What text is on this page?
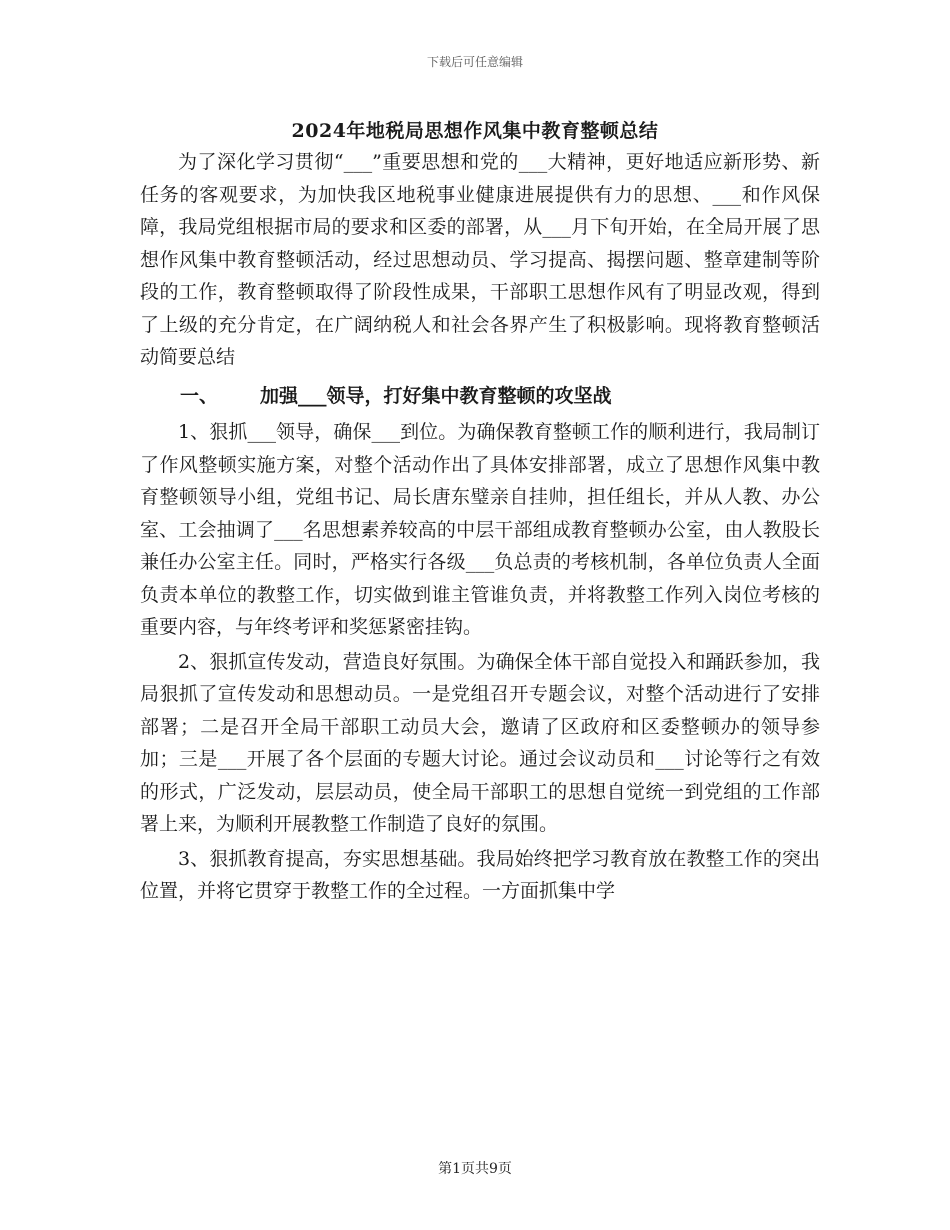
下载后可任意编辑
2024年地税局思想作风集中教育整顿总结

为了深化学习贯彻“___”重要思想和党的___大精神，更好地适应新形势、新任务的客观要求，为加快我区地税事业健康进展提供有力的思想、___和作风保障，我局党组根据市局的要求和区委的部署，从___月下旬开始，在全局开展了思想作风集中教育整顿活动，经过思想动员、学习提高、揭摆问题、整章建制等阶段的工作，教育整顿取得了阶段性成果，干部职工思想作风有了明显改观，得到了上级的充分肯定，在广阔纳税人和社会各界产生了积极影响。现将教育整顿活动简要总结

一、 加强___领导，打好集中教育整顿的攻坚战

1、狠抓___领导，确保___到位。为确保教育整顿工作的顺利进行，我局制订了作风整顿实施方案，对整个活动作出了具体安排部署，成立了思想作风集中教育整顿领导小组，党组书记、局长唐东璧亲自挂帅，担任组长，并从人教、办公室、工会抽调了___名思想素养较高的中层干部组成教育整顿办公室，由人教股长兼任办公室主任。同时，严格实行各级___负总责的考核机制，各单位负责人全面负责本单位的教整工作，切实做到谁主管谁负责，并将教整工作列入岗位考核的重要内容，与年终考评和奖惩紧密挂钩。

2、狠抓宣传发动，营造良好氛围。为确保全体干部自觉投入和踊跃参加，我局狠抓了宣传发动和思想动员。一是党组召开专题会议，对整个活动进行了安排部署；二是召开全局干部职工动员大会，邀请了区政府和区委整顿办的领导参加；三是___开展了各个层面的专题大讨论。通过会议动员和___讨论等行之有效的形式，广泛发动，层层动员，使全局干部职工的思想自觉统一到党组的工作部署上来，为顺利开展教整工作制造了良好的氛围。

3、狠抓教育提高，夯实思想基础。我局始终把学习教育放在教整工作的突出位置，并将它贯穿于教整工作的全过程。一方面抓集中学

第1页共9页
